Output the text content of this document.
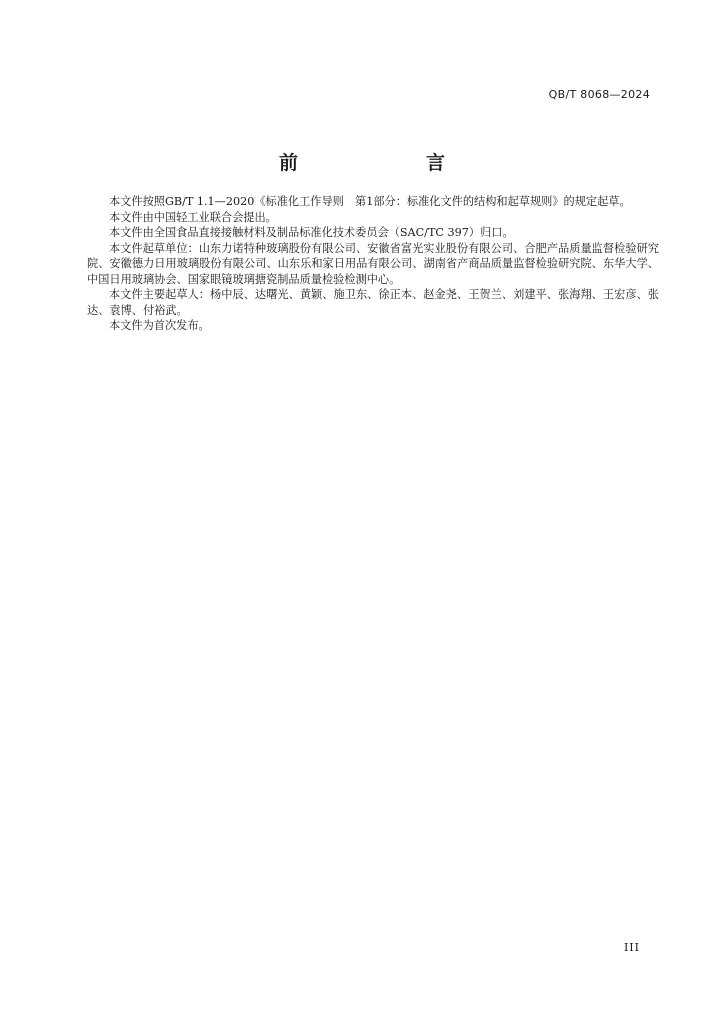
QB/T 8068—2024
前　　言

本文件按照GB/T 1.1—2020《标准化工作导则　第1部分：标准化文件的结构和起草规则》的规定起草。

本文件由中国轻工业联合会提出。

本文件由全国食品直接接触材料及制品标准化技术委员会（SAC/TC 397）归口。

本文件起草单位：山东力诺特种玻璃股份有限公司、安徽省富光实业股份有限公司、合肥产品质量监督检验研究院、安徽德力日用玻璃股份有限公司、山东乐和家日用品有限公司、湖南省产商品质量监督检验研究院、东华大学、中国日用玻璃协会、国家眼镜玻璃搪瓷制品质量检验检测中心。

本文件主要起草人：杨中辰、达曙光、黄颖、施卫东、徐正本、赵金尧、王贺兰、刘建平、张海翔、王宏彦、张达、袁博、付裕武。

本文件为首次发布。

III
